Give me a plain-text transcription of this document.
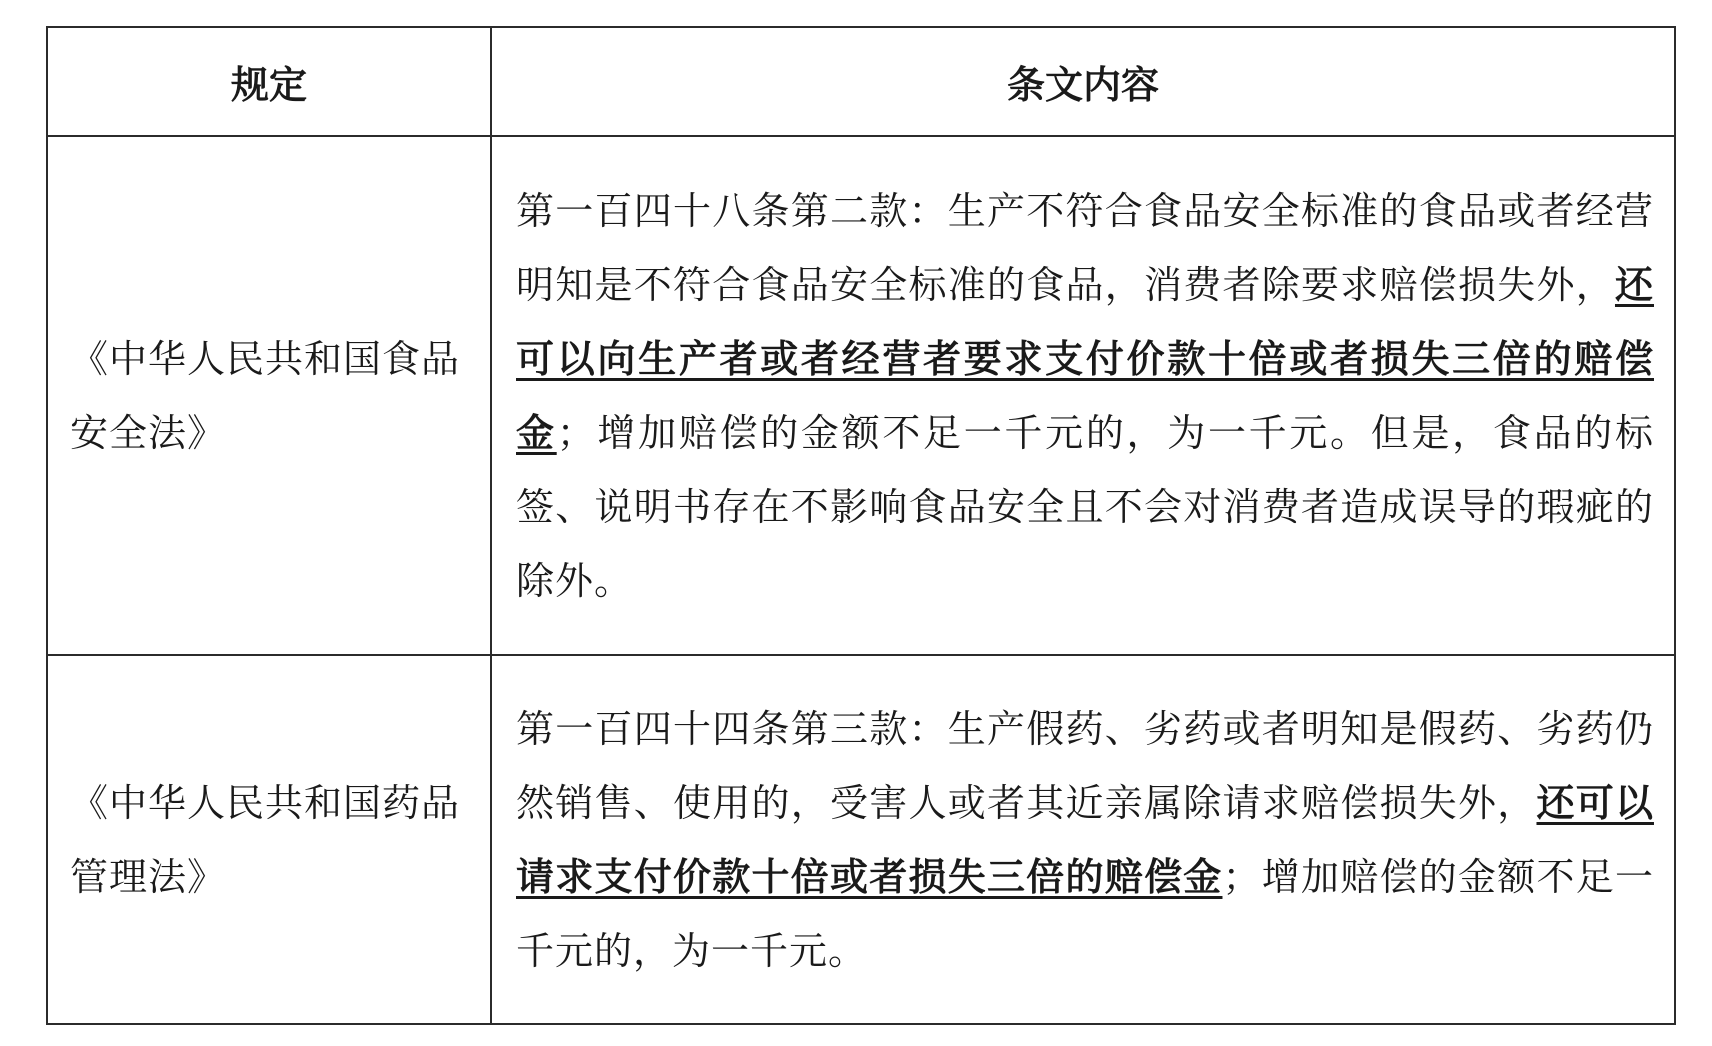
规定	条文内容
《中华人民共和国食品安全法》	第一百四十八条第二款：生产不符合食品安全标准的食品或者经营明知是不符合食品安全标准的食品，消费者除要求赔偿损失外，还可以向生产者或者经营者要求支付价款十倍或者损失三倍的赔偿金；增加赔偿的金额不足一千元的，为一千元。但是，食品的标签、说明书存在不影响食品安全且不会对消费者造成误导的瑕疵的除外。
《中华人民共和国药品管理法》	第一百四十四条第三款：生产假药、劣药或者明知是假药、劣药仍然销售、使用的，受害人或者其近亲属除请求赔偿损失外，还可以请求支付价款十倍或者损失三倍的赔偿金；增加赔偿的金额不足一千元的，为一千元。
